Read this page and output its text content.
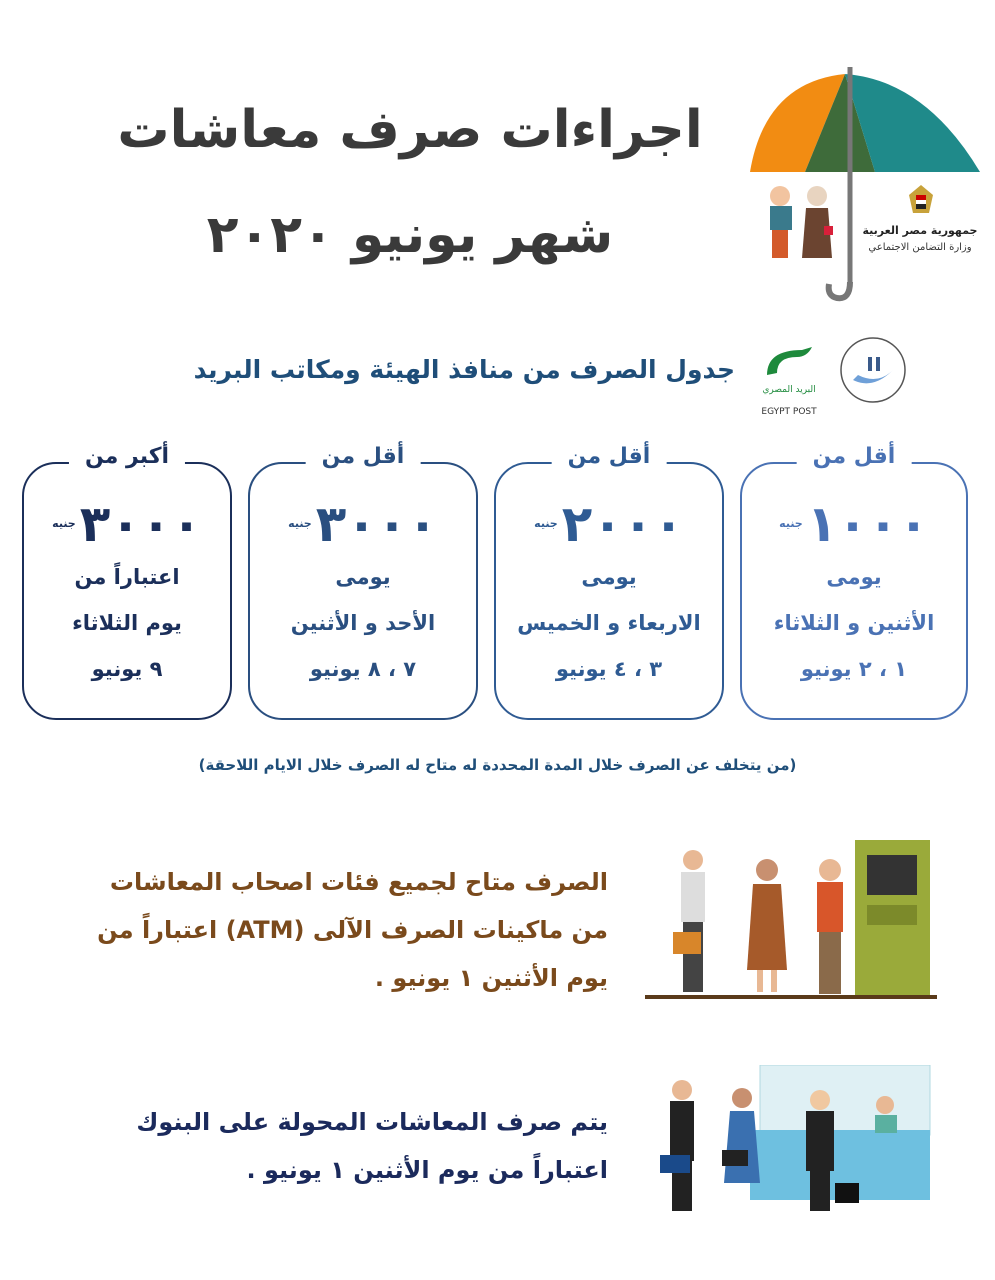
اجراءات صرف معاشات
شهر يونيو ٢٠٢٠	جمهورية مصر العربية
وزارة التضامن الاجتماعي
جدول الصرف من منافذ الهيئة ومكاتب البريد
البريد المصري
EGYPT POST
أقل من
١٠٠٠جنيه
يومى
الأثنين و الثلاثاء
١ ، ٢ يونيو
أقل من
٢٠٠٠جنيه
يومى
الاربعاء و الخميس
٣ ، ٤ يونيو
أقل من
٣٠٠٠جنيه
يومى
الأحد و الأثنين
٧ ، ٨ يونيو
أكبر من
٣٠٠٠جنيه
اعتباراً من
يوم الثلاثاء
٩ يونيو
(من يتخلف عن الصرف خلال المدة المحددة له متاح له الصرف خلال الايام اللاحقة)
الصرف متاح لجميع فئات اصحاب المعاشات
من ماكينات الصرف الآلى (ATM) اعتباراً من
يوم الأثنين ١ يونيو .
يتم صرف المعاشات المحولة على البنوك
اعتباراً من يوم الأثنين ١ يونيو .
